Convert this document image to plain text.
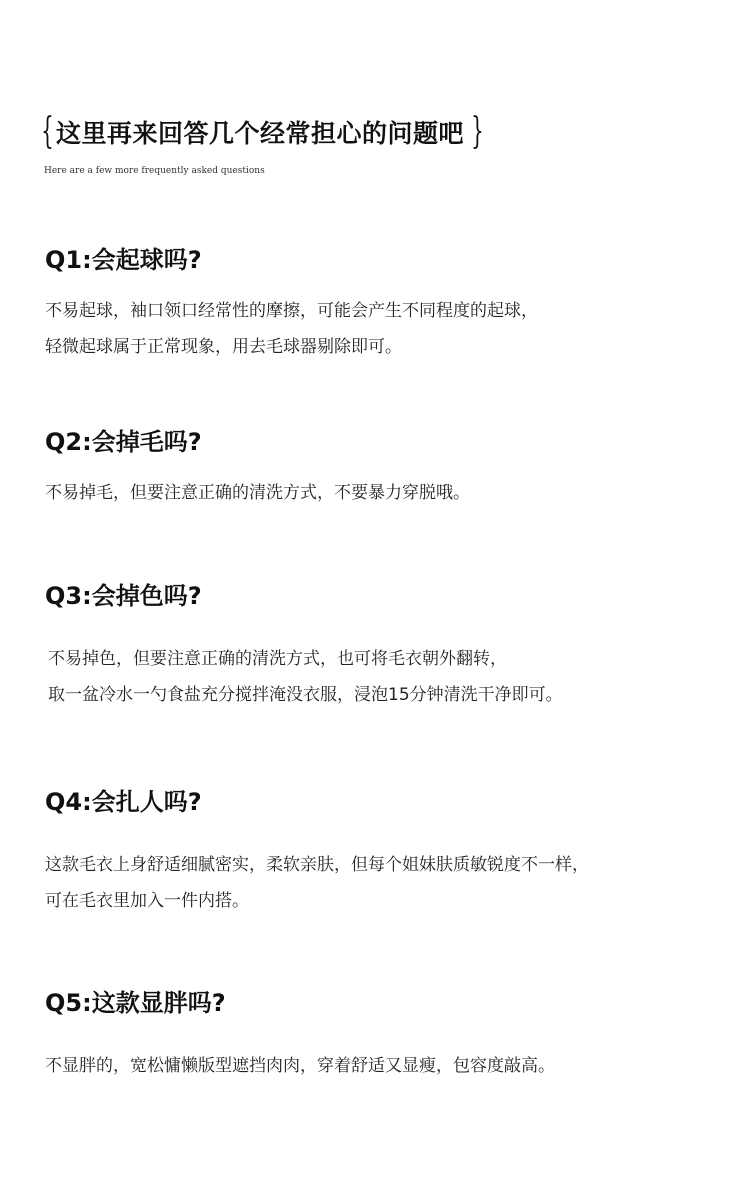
{ 这里再来回答几个经常担心的问题吧 }
Here are a few more frequently asked questions

Q1:会起球吗?

不易起球，袖口领口经常性的摩擦，可能会产生不同程度的起球，

轻微起球属于正常现象，用去毛球器剔除即可。

Q2:会掉毛吗?

不易掉毛，但要注意正确的清洗方式，不要暴力穿脱哦。

Q3:会掉色吗?

不易掉色，但要注意正确的清洗方式，也可将毛衣朝外翻转，

取一盆冷水一勺食盐充分搅拌淹没衣服，浸泡15分钟清洗干净即可。

Q4:会扎人吗?

这款毛衣上身舒适细腻密实，柔软亲肤，但每个姐妹肤质敏锐度不一样，

可在毛衣里加入一件内搭。

Q5:这款显胖吗?

不显胖的，宽松慵懒版型遮挡肉肉，穿着舒适又显瘦，包容度敲高。
